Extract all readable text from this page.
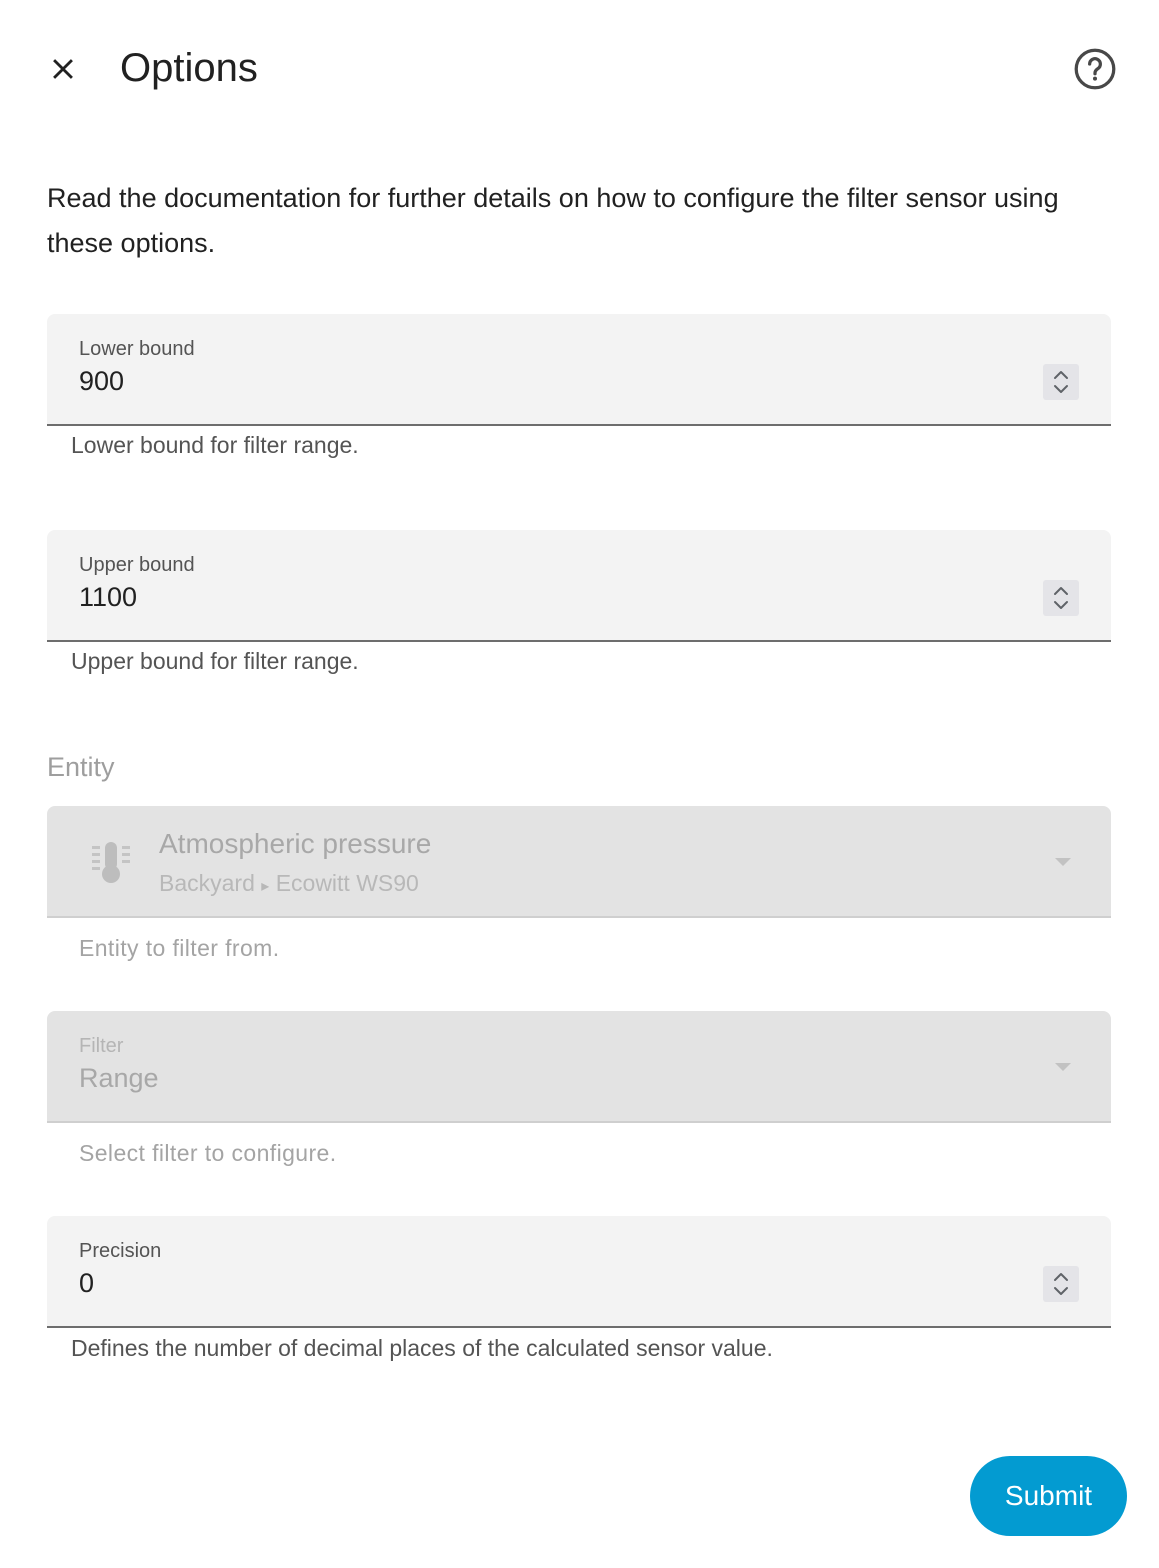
Options

Read the documentation for further details on how to configure the filter sensor using these options.

Lower bound
900
Lower bound for filter range.
Upper bound
1100
Upper bound for filter range.
Entity
Atmospheric pressure
Backyard ▸ Ecowitt WS90
Entity to filter from.
Filter
Range
Select filter to configure.
Precision
0
Defines the number of decimal places of the calculated sensor value.
Submit
